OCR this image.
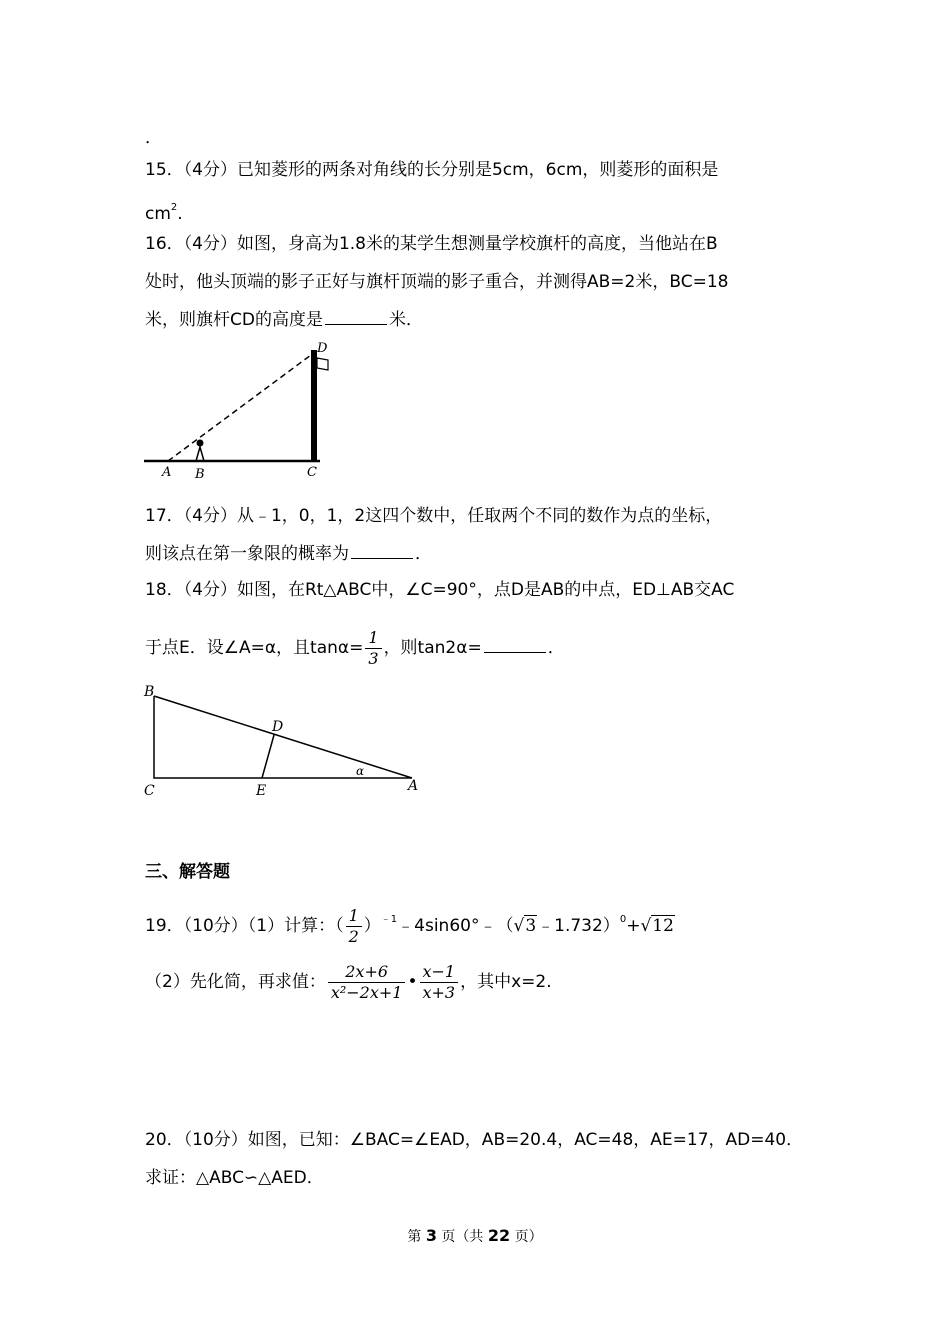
．
15．（4分）已知菱形的两条对角线的长分别是5cm，6cm，则菱形的面积是
$cm^2$.
16．（4分）如图，身高为1.8米的某学生想测量学校旗杆的高度，当他站在B
处时，他头顶端的影子正好与旗杆顶端的影子重合，并测得AB=2米，BC=18
米，则旗杆CD的高度是	米．
A B	C
D
17．（4分）从﹣1，0，1，2这四个数中，任取两个不同的数作为点的坐标，
则该点在第一象限的概率为	．
18．（4分）如图，在Rt△ABC中，∠C=90°，点D是AB的中点，ED⊥AB交AC
于点E．设∠A=α，且$\tan\alpha= \frac{1}{3}$ ，则tan2α=	．
B
C	E	A
D
α
三、解答题
19．（10分）（1）计算：（ $\frac{1}{2}$ ）$^{﹣1}$﹣4sin60°﹣（√3﹣1.732）$^0$+√12
（2）先化简，再求值： $\frac{2x+6}{\text{x²−2x+1}}$ • $\frac{x-1}{x+3}$ ，其中x=2.
20．（10分）如图，已知：∠BAC=∠EAD，AB=20.4，AC=48，AE=17，AD=40．
求证：△ABC∽△AED．
第 3 页（共 22 页）
